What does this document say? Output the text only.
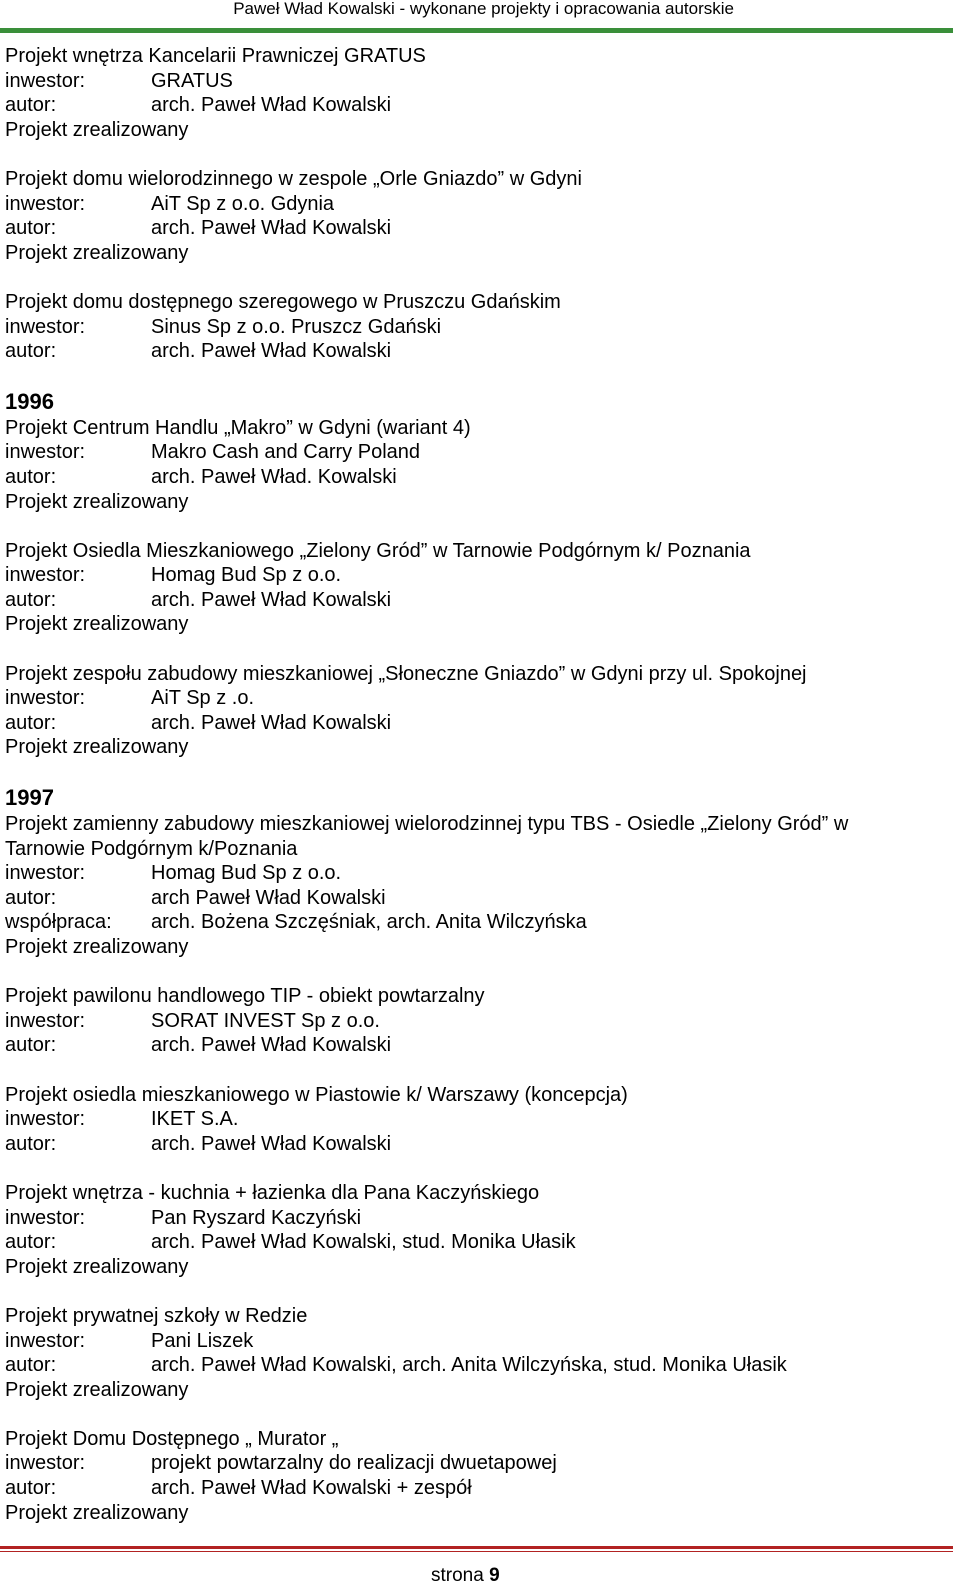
Paweł Wład Kowalski - wykonane projekty i opracowania autorskie
Projekt wnętrza Kancelarii Prawniczej GRATUS
inwestor:	GRATUS
autor:	arch. Paweł Wład Kowalski
Projekt zrealizowany
Projekt domu wielorodzinnego w zespole „Orle Gniazdo” w Gdyni
inwestor:	AiT Sp z o.o. Gdynia
autor:	arch. Paweł Wład Kowalski
Projekt zrealizowany
Projekt domu dostępnego szeregowego w Pruszczu Gdańskim
inwestor:	Sinus Sp z o.o. Pruszcz Gdański
autor:	arch. Paweł Wład Kowalski
1996
Projekt Centrum Handlu „Makro” w Gdyni (wariant 4)
inwestor:	Makro Cash and Carry Poland
autor:	arch. Paweł Wład. Kowalski
Projekt zrealizowany
Projekt Osiedla Mieszkaniowego „Zielony Gród” w Tarnowie Podgórnym k/ Poznania
inwestor:	Homag Bud Sp z o.o.
autor:	arch. Paweł Wład Kowalski
Projekt zrealizowany
Projekt zespołu zabudowy mieszkaniowej „Słoneczne Gniazdo” w Gdyni przy ul. Spokojnej
inwestor:	AiT Sp z .o.
autor:	arch. Paweł Wład Kowalski
Projekt zrealizowany
1997
Projekt zamienny zabudowy mieszkaniowej wielorodzinnej typu TBS - Osiedle „Zielony Gród” w Tarnowie Podgórnym k/Poznania
inwestor:	Homag Bud Sp z o.o.
autor:	arch Paweł Wład Kowalski
współpraca: arch. Bożena Szczęśniak, arch. Anita Wilczyńska
Projekt zrealizowany
Projekt pawilonu handlowego TIP - obiekt powtarzalny
inwestor:	SORAT INVEST Sp z o.o.
autor:	arch. Paweł Wład Kowalski
Projekt osiedla mieszkaniowego w Piastowie k/ Warszawy (koncepcja)
inwestor:	IKET S.A.
autor:	arch. Paweł Wład Kowalski
Projekt wnętrza - kuchnia + łazienka dla Pana Kaczyńskiego
inwestor:	Pan Ryszard Kaczyński
autor:	arch. Paweł Wład Kowalski, stud. Monika Ułasik
Projekt zrealizowany
Projekt prywatnej szkoły w Redzie
inwestor:	Pani Liszek
autor:	arch. Paweł Wład Kowalski, arch. Anita Wilczyńska, stud. Monika Ułasik
Projekt zrealizowany
Projekt Domu Dostępnego „ Murator „
inwestor:	projekt powtarzalny do realizacji dwuetapowej
autor:	arch. Paweł Wład Kowalski + zespół
Projekt zrealizowany
strona 9
